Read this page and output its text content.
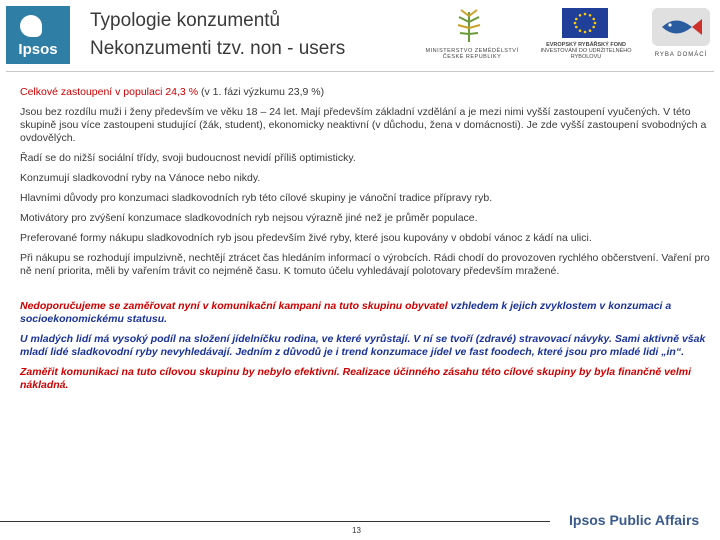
Ipsos
Typologie konzumentů
Nekonzumenti tzv. non - users	MINISTERSTVO ZEMĚDĚLSTVÍ ČESKÉ REPUBLIKY
EVROPSKÝ RYBÁŘSKÝ FOND
INVESTOVÁNÍ DO UDRŽITELNÉHO RYBOLOVU	RYBA DOMÁCÍ

Celkové zastoupení v populaci 24,3 % (v 1. fázi výzkumu 23,9 %)

Jsou bez rozdílu muži i ženy především ve věku 18 – 24 let. Mají především základní vzdělání a je mezi nimi vyšší zastoupení vyučených. V této skupině jsou více zastoupeni studující (žák, student), ekonomicky neaktivní (v důchodu, žena v domácnosti). Je zde vyšší zastoupení svobodných a ovdovělých.

Řadí se do nižší sociální třídy, svoji budoucnost nevidí příliš optimisticky.

Konzumují sladkovodní ryby na Vánoce nebo nikdy.

Hlavními důvody pro konzumaci sladkovodních ryb této cílové skupiny je vánoční tradice přípravy ryb.

Motivátory pro zvýšení konzumace sladkovodních ryb nejsou výrazně jiné než je průměr populace.

Preferované formy nákupu sladkovodních ryb jsou především živé ryby, které jsou kupovány v období vánoc z kádí na ulici.

Při nákupu se rozhodují impulzivně, nechtějí ztrácet čas hledáním informací o výrobcích. Rádi chodí do provozoven rychlého občerstvení. Vaření pro ně není priorita, měli by vařením trávit co nejméně času. K tomuto účelu vyhledávají polotovary především mražené.

Nedoporučujeme se zaměřovat nyní v komunikační kampani na tuto skupinu obyvatel vzhledem k jejich zvyklostem v konzumaci a socioekonomickému statusu.

U mladých lidí má vysoký podíl na složení jídelníčku rodina, ve které vyrůstají. V ní se tvoří (zdravé) stravovací návyky. Sami aktivně však mladí lidé sladkovodní ryby nevyhledávají. Jedním z důvodů je i trend konzumace jídel ve fast foodech, které jsou pro mladé lidi „in“.

Zaměřit komunikaci na tuto cílovou skupinu by nebylo efektivní. Realizace účinného zásahu této cílové skupiny by byla finančně velmi nákladná.

13
Ipsos Public Affairs
